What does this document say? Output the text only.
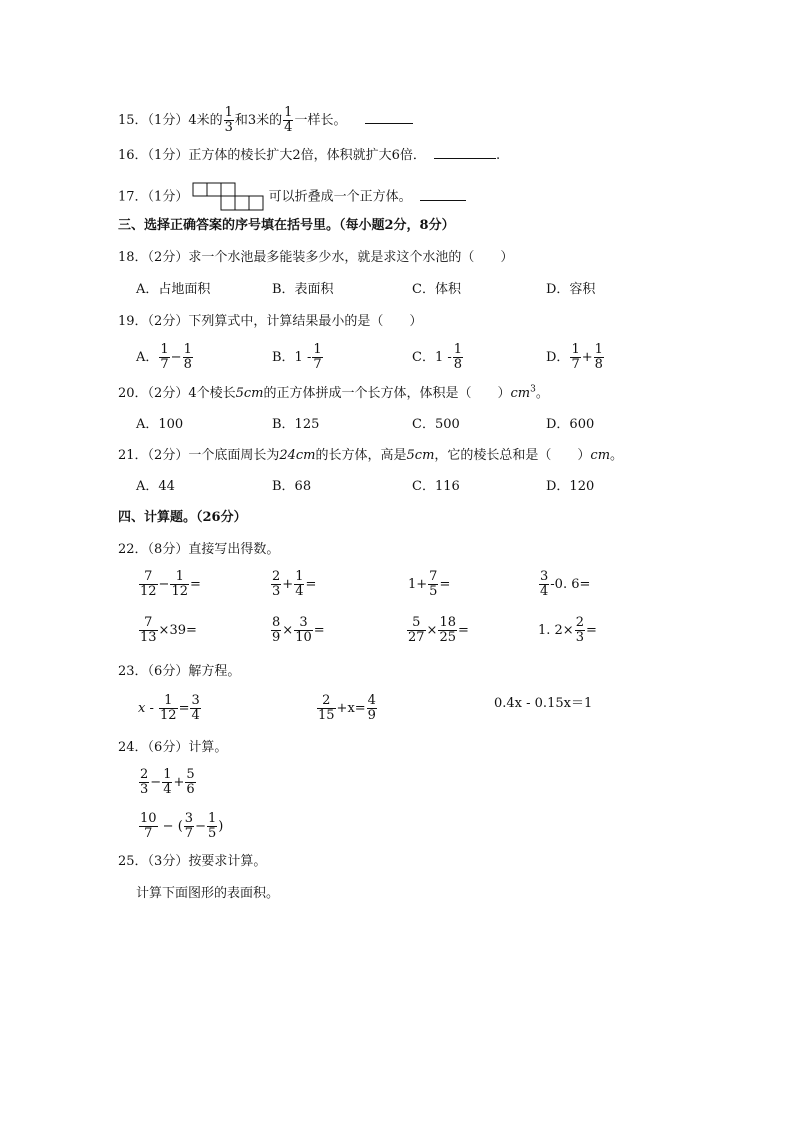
15．（1分）4米的 $\frac{1}{3}$ 和3米的 $\frac{1}{4}$ 一样长。
16．（1分）正方体的棱长扩大2倍，体积就扩大6倍．	.
17．（1分）	可以折叠成一个正方体。
三、选择正确答案的序号填在括号里。（每小题2分，8分）
18．（2分）求一个水池最多能装多少水，就是求这个水池的（　　）
A．占地面积	B．表面积	C．体积	D．容积
19．（2分）下列算式中，计算结果最小的是（　　）
A． $\frac{1}{7} - \frac{1}{8}$	B．$1 - \frac{1}{7}$	C．$1 - \frac{1}{8}$	D． $\frac{1}{7} + \frac{1}{8}$
20．（2分）4个棱长5cm的正方体拼成一个长方体，体积是（　　）$cm^3$。
A．100	B．125	C．500	D．600
21．（2分）一个底面周长为24cm的长方体，高是5cm，它的棱长总和是（　　）cm。
A．44	B．68	C．116	D．120
四、计算题。（26分）
22．（8分）直接写出得数。
$\frac{7}{12} - \frac{1}{12}$ =	$\frac{2}{3} + \frac{1}{4}$ =	$1+ \frac{7}{5}$ =	$\frac{3}{4} -0$. 6=
$\frac{7}{13} \times 39=$	$\frac{8}{9} \times \frac{3}{10}$ =	$\frac{5}{27} \times \frac{18}{25}$ =	1. $2\times \frac{2}{3}$ =
23．（6分）解方程。
$x - \frac{1}{12} = \frac{3}{4}$	$\frac{2}{15} +x= \frac{4}{9}$	0.4x - 0.15x＝1
24．（6分）计算。
$\frac{2}{3} - \frac{1}{4} + \frac{5}{6}$
$\frac{10}{7}$ − ( $\frac{3}{7} - \frac{1}{5}$ )
25．（3分）按要求计算。
计算下面图形的表面积。
